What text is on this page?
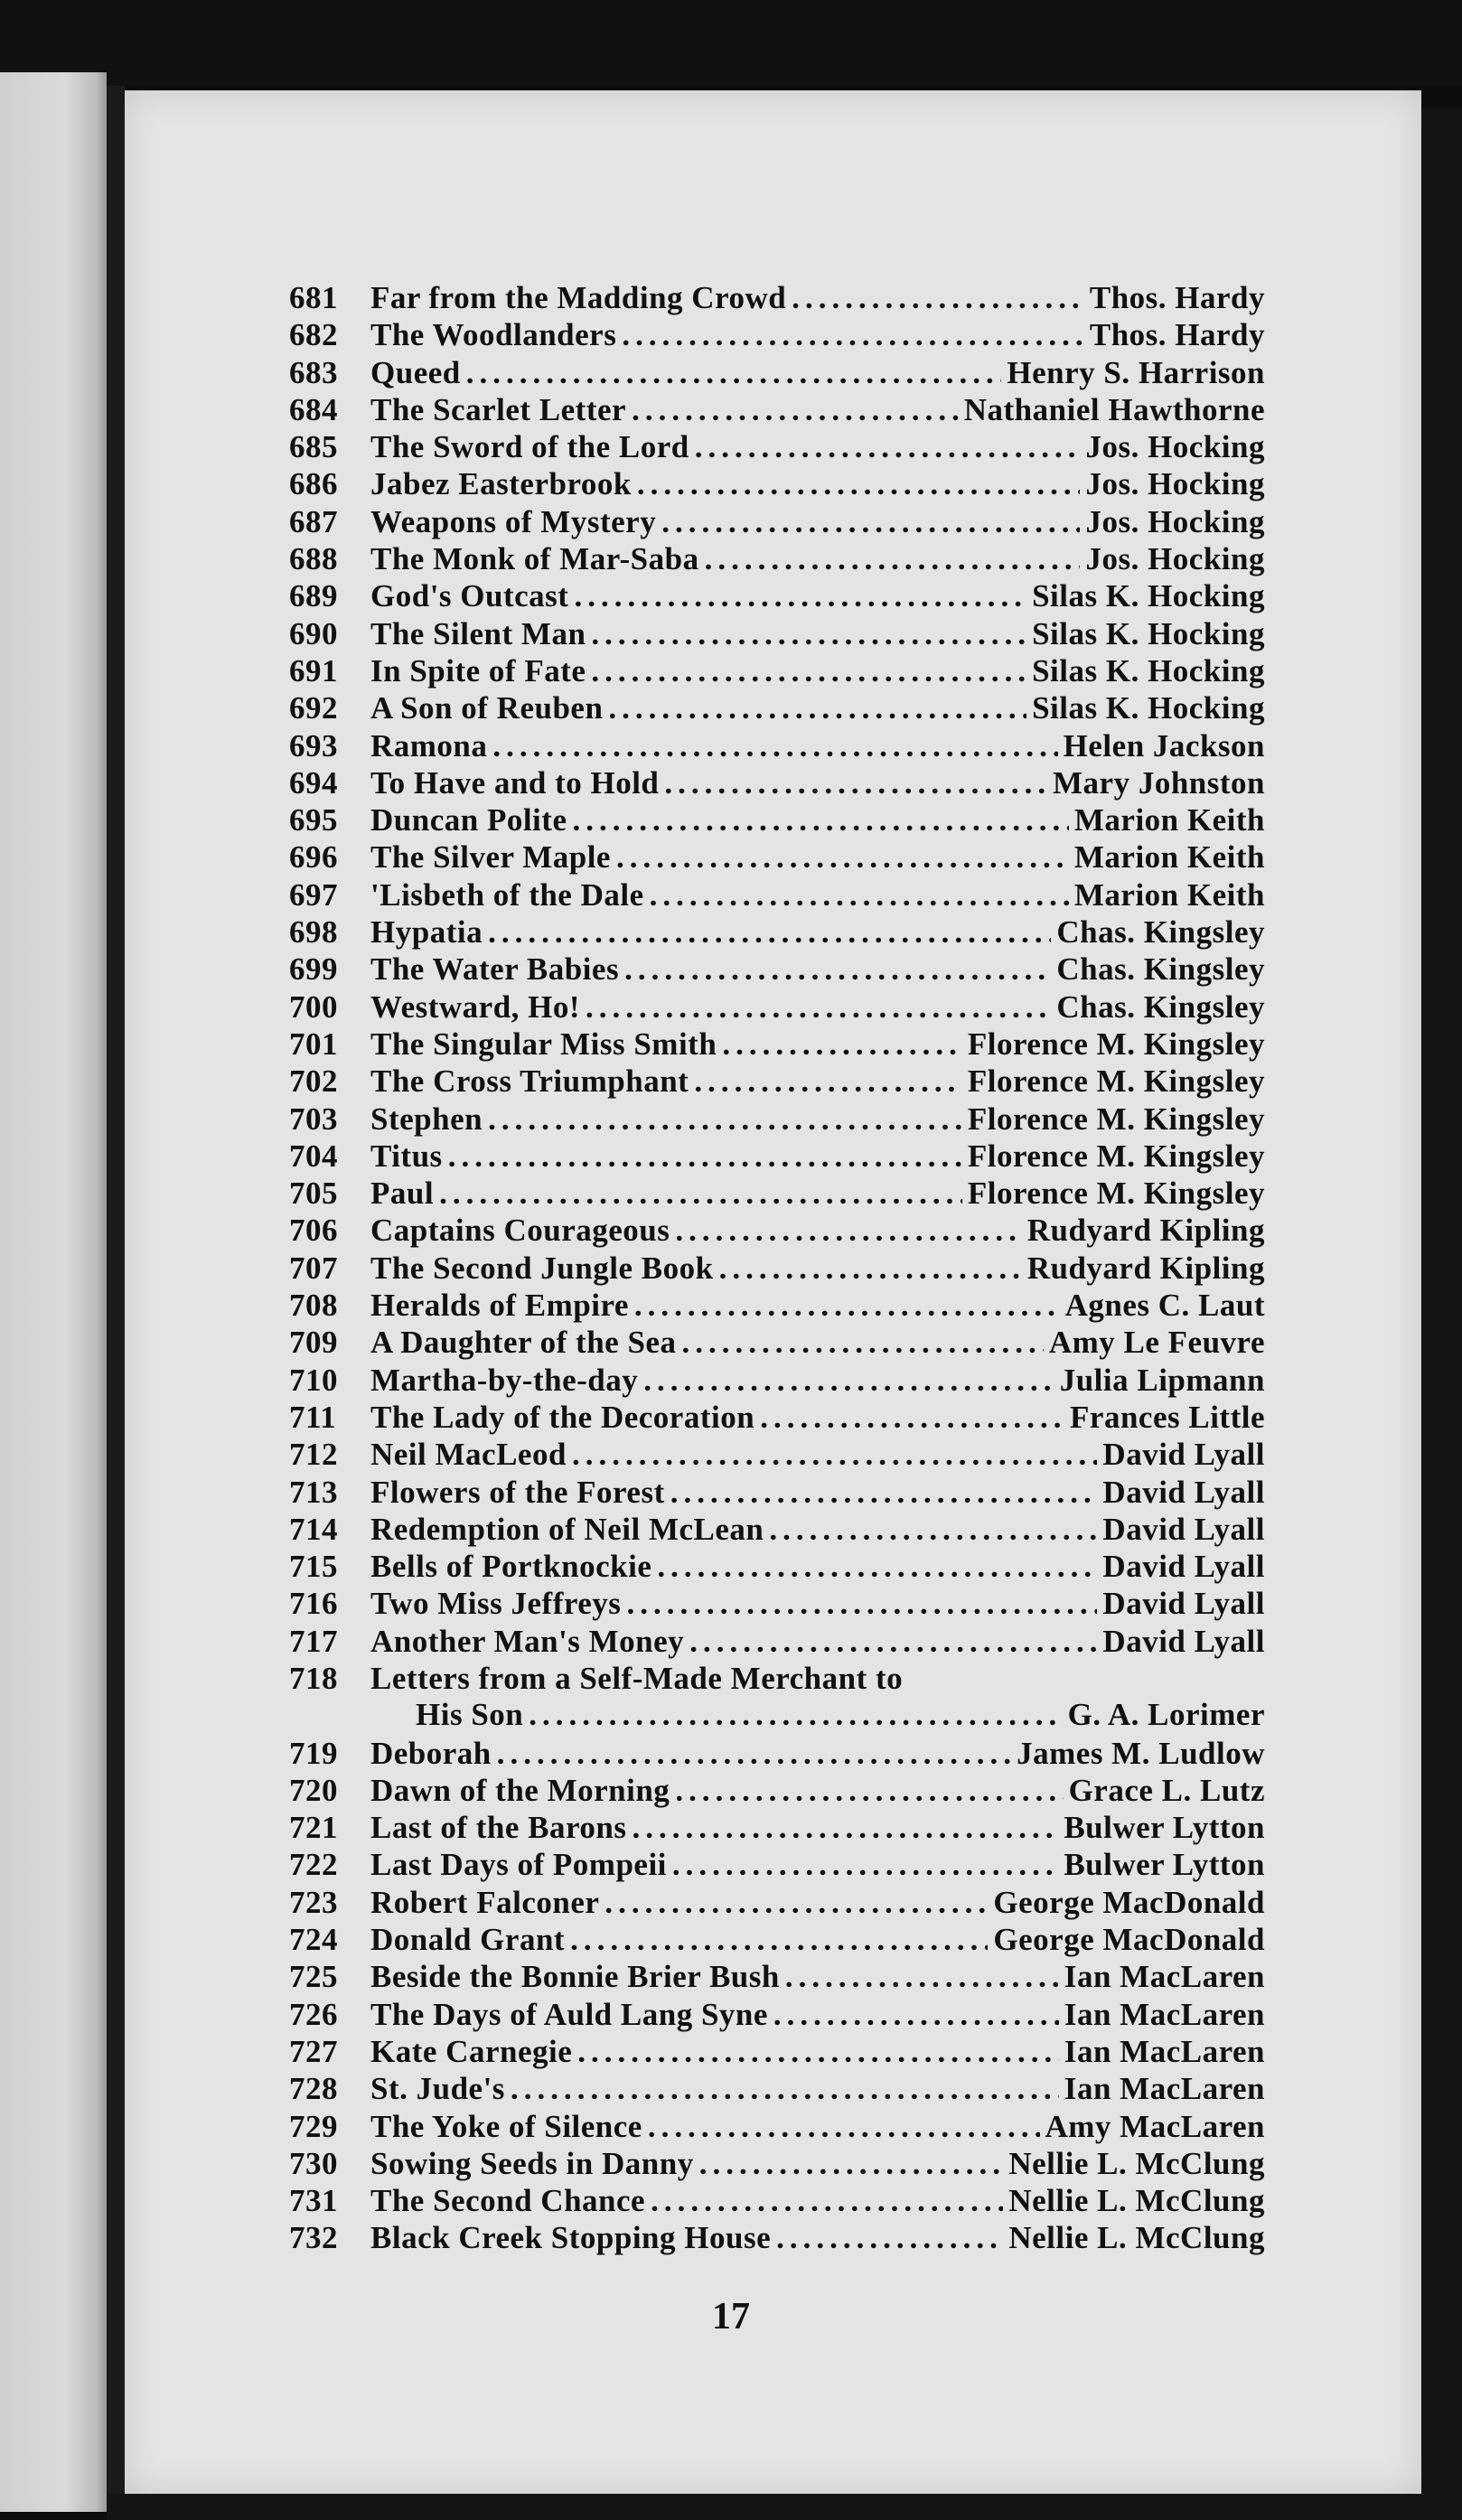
681	Far from the Madding Crowd .....	Thos. Hardy
682	The Woodlanders .....	Thos. Hardy
683	Queed .....	Henry S. Harrison
684	The Scarlet Letter .....	Nathaniel Hawthorne
685	The Sword of the Lord .....	Jos. Hocking
686	Jabez Easterbrook .....	Jos. Hocking
687	Weapons of Mystery .....	Jos. Hocking
688	The Monk of Mar-Saba .....	Jos. Hocking
689	God's Outcast .....	Silas K. Hocking
690	The Silent Man .....	Silas K. Hocking
691	In Spite of Fate .....	Silas K. Hocking
692	A Son of Reuben .....	Silas K. Hocking
693	Ramona .....	Helen Jackson
694	To Have and to Hold .....	Mary Johnston
695	Duncan Polite .....	Marion Keith
696	The Silver Maple .....	Marion Keith
697	'Lisbeth of the Dale .....	Marion Keith
698	Hypatia .....	Chas. Kingsley
699	The Water Babies .....	Chas. Kingsley
700	Westward, Ho! .....	Chas. Kingsley
701	The Singular Miss Smith .....	Florence M. Kingsley
702	The Cross Triumphant .....	Florence M. Kingsley
703	Stephen .....	Florence M. Kingsley
704	Titus .....	Florence M. Kingsley
705	Paul .....	Florence M. Kingsley
706	Captains Courageous .....	Rudyard Kipling
707	The Second Jungle Book .....	Rudyard Kipling
708	Heralds of Empire .....	Agnes C. Laut
709	A Daughter of the Sea .....	Amy Le Feuvre
710	Martha-by-the-day .....	Julia Lipmann
711	The Lady of the Decoration .....	Frances Little
712	Neil MacLeod .....	David Lyall
713	Flowers of the Forest .....	David Lyall
714	Redemption of Neil McLean .....	David Lyall
715	Bells of Portknockie .....	David Lyall
716	Two Miss Jeffreys .....	David Lyall
717	Another Man's Money .....	David Lyall
718	Letters from a Self-Made Merchant to
His Son .....	G. A. Lorimer
719	Deborah .....	James M. Ludlow
720	Dawn of the Morning .....	Grace L. Lutz
721	Last of the Barons .....	Bulwer Lytton
722	Last Days of Pompeii .....	Bulwer Lytton
723	Robert Falconer .....	George MacDonald
724	Donald Grant .....	George MacDonald
725	Beside the Bonnie Brier Bush .....	Ian MacLaren
726	The Days of Auld Lang Syne .....	Ian MacLaren
727	Kate Carnegie .....	Ian MacLaren
728	St. Jude's .....	Ian MacLaren
729	The Yoke of Silence .....	Amy MacLaren
730	Sowing Seeds in Danny .....	Nellie L. McClung
731	The Second Chance .....	Nellie L. McClung
732	Black Creek Stopping House .....	Nellie L. McClung
17
